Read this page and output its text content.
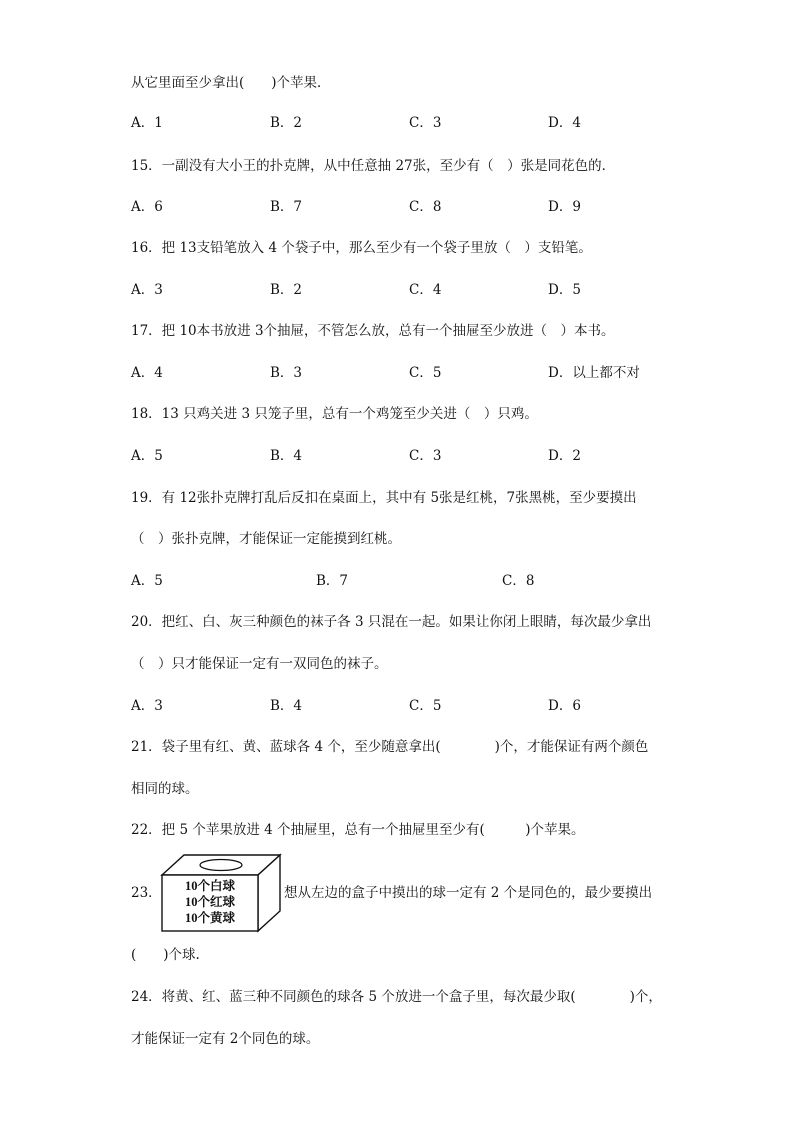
从它里面至少拿出(　　)个苹果．
A．1	B．2	C．3	D．4
15．一副没有大小王的扑克牌，从中任意抽 27张，至少有（　）张是同花色的．
A．6	B．7	C．8	D．9
16．把 13支铅笔放入 4 个袋子中，那么至少有一个袋子里放（　）支铅笔。
A．3	B．2	C．4	D．5
17．把 10本书放进 3个抽屉，不管怎么放，总有一个抽屉至少放进（　）本书。
A．4	B．3	C．5	D．以上都不对
18．13 只鸡关进 3 只笼子里，总有一个鸡笼至少关进（　）只鸡。
A．5	B．4	C．3	D．2
19．有 12张扑克牌打乱后反扣在桌面上，其中有 5张是红桃，7张黑桃，至少要摸出
（　）张扑克牌，才能保证一定能摸到红桃。
A．5	B．7	C．8
20．把红、白、灰三种颜色的袜子各 3 只混在一起。如果让你闭上眼睛，每次最少拿出
（　）只才能保证一定有一双同色的袜子。
A．3	B．4	C．5	D．6
21．袋子里有红、黄、蓝球各 4 个，至少随意拿出(　　　　)个，才能保证有两个颜色
相同的球。
22．把 5 个苹果放进 4 个抽屉里，总有一个抽屉里至少有(　　　)个苹果。
23． 10个白球
10个红球
10个黄球
想从左边的盒子中摸出的球一定有 2 个是同色的，最少要摸出
(　　)个球.
24．将黄、红、蓝三种不同颜色的球各 5 个放进一个盒子里，每次最少取(　　　　)个，
才能保证一定有 2个同色的球。
